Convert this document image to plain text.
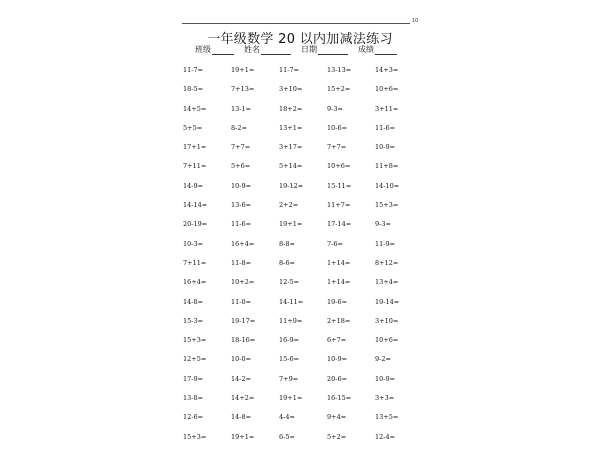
10
一年级数学 20 以内加减法练习
班级	姓名	日期	成绩
11-7=	19+1=	11-7=	13-13=	14+3=
18-5=	7+13=	3+10=	15+2=	10+6=
14+5=	13-1=	18+2=	9-3=	3+11=
5+5=	8-2=	13+1=	10-6=	11-6=
17+1=	7+7=	3+17=	7+7=	10-9=
7+11=	5+6=	5+14=	10+6=	11+8=
14-9=	10-9=	19-12=	15-11=	14-10=
14-14=	13-6=	2+2=	11+7=	15+3=
20-19=	11-6=	19+1=	17-14=	9-3=
10-3=	16+4=	8-8=	7-6=	11-9=
7+11=	11-8=	8-6=	1+14=	8+12=
16+4=	10+2=	12-5=	1+14=	13+4=
14-8=	11-0=	14-11=	19-6=	19-14=
15-3=	19-17=	11+9=	2+18=	3+10=
15+3=	18-16=	16-9=	6+7=	10+6=
12+5=	10-0=	15-6=	10-9=	9-2=
17-9=	14-2=	7+9=	20-6=	10-9=
13-8=	14+2=	19+1=	16-15=	3+3=
12-6=	14-8=	4-4=	9+4=	13+5=
15+3=	19+1=	6-5=	5+2=	12-4=
